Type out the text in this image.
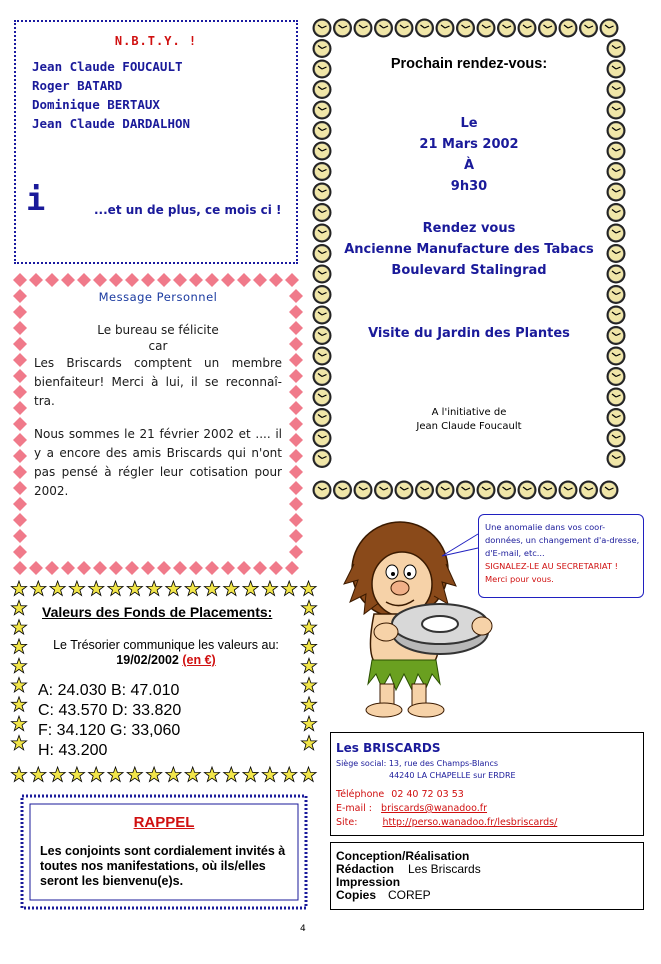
N.B.T.Y. !
Jean Claude FOUCAULT
Roger BATARD
Dominique BERTAUX
Jean Claude DARDALHON
i	...et un de plus, ce mois ci !
Message Personnel
Le bureau se félicite
car
Les Briscards comptent un membre bienfaiteur! Merci à lui, il se reconnaî-tra.
Nous sommes le 21 février 2002 et .... il y a encore des amis Briscards qui n'ont pas pensé à régler leur cotisation pour 2002.
Valeurs des Fonds de Placements:
Le Trésorier communique les valeurs au:
19/02/2002 (en €)
A: 24.030 B: 47.010
C: 43.570 D: 33.820
F: 34.120 G: 33,060
H: 43.200
RAPPEL
Les conjoints sont cordialement invités à toutes nos manifestations, où ils/elles seront les bienvenu(e)s.
Prochain rendez-vous:
Le
21 Mars 2002
À
9h30
Rendez vous
Ancienne Manufacture des Tabacs
Boulevard Stalingrad
Visite du Jardin des Plantes
A l'initiative de
Jean Claude Foucault
Une anomalie dans vos coor-données, un changement d'a-dresse, d'E-mail, etc...
SIGNALEZ-LE AU SECRETARIAT !
Merci pour vous.
Les BRISCARDS
Siège social: 13, rue des Champs-Blancs
44240 LA CHAPELLE sur ERDRE
Téléphone 02 40 72 03 53
E-mail : briscards@wanadoo.fr
Site:	http://perso.wanadoo.fr/lesbriscards/
Conception/Réalisation
Rédaction Les Briscards
Impression
Copies COREP
4
